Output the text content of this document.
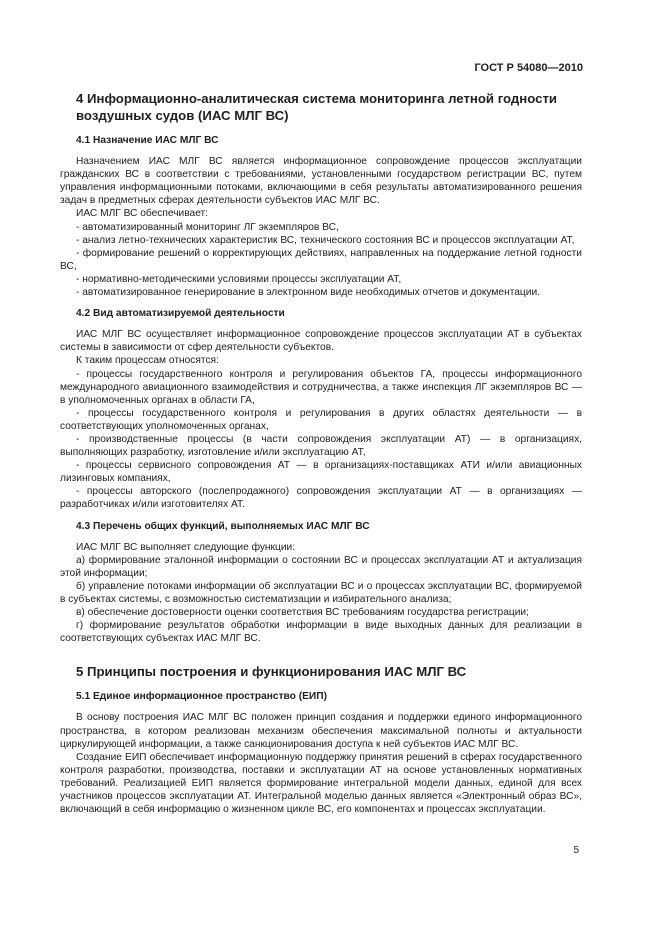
ГОСТ Р 54080—2010
4 Информационно-аналитическая система мониторинга летной годности воздушных судов (ИАС МЛГ ВС)
4.1 Назначение ИАС МЛГ ВС

Назначением ИАС МЛГ ВС является информационное сопровождение процессов эксплуатации гражданских ВС в соответствии с требованиями, установленными государством регистрации ВС, путем управления информационными потоками, включающими в себя результаты автоматизированного решения задач в предметных сферах деятельности субъектов ИАС МЛГ ВС.

ИАС МЛГ ВС обеспечивает:

- автоматизированный мониторинг ЛГ экземпляров ВС,

- анализ летно-технических характеристик ВС, технического состояния ВС и процессов эксплуатации АТ,

- формирование решений о корректирующих действиях, направленных на поддержание летной годности ВС,

- нормативно-методическими условиями процессы эксплуатации АТ,

- автоматизированное генерирование в электронном виде необходимых отчетов и документации.

4.2 Вид автоматизируемой деятельности

ИАС МЛГ ВС осуществляет информационное сопровождение процессов эксплуатации АТ в субъектах системы в зависимости от сфер деятельности субъектов.

К таким процессам относятся:

- процессы государственного контроля и регулирования объектов ГА, процессы информационного международного авиационного взаимодействия и сотрудничества, а также инспекция ЛГ экземпляров ВС — в уполномоченных органах в области ГА,

- процессы государственного контроля и регулирования в других областях деятельности — в соответствующих уполномоченных органах,

- производственные процессы (в части сопровождения эксплуатации АТ) — в организациях, выполняющих разработку, изготовление и/или эксплуатацию АТ,

- процессы сервисного сопровождения АТ — в организациях-поставщиках АТИ и/или авиационных лизинговых компаниях,

- процессы авторского (послепродажного) сопровождения эксплуатации АТ — в организациях — разработчиках и/или изготовителях АТ.

4.3 Перечень общих функций, выполняемых ИАС МЛГ ВС

ИАС МЛГ ВС выполняет следующие функции:

а) формирование эталонной информации о состоянии ВС и процессах эксплуатации АТ и актуализация этой информации;

б) управление потоками информации об эксплуатации ВС и о процессах эксплуатации ВС, формируемой в субъектах системы, с возможностью систематизации и избирательного анализа;

в) обеспечение достоверности оценки соответствия ВС требованиям государства регистрации;

г) формирование результатов обработки информации в виде выходных данных для реализации в соответствующих субъектах ИАС МЛГ ВС.

5 Принципы построения и функционирования ИАС МЛГ ВС
5.1 Единое информационное пространство (ЕИП)

В основу построения ИАС МЛГ ВС положен принцип создания и поддержки единого информационного пространства, в котором реализован механизм обеспечения максимальной полноты и актуальности циркулирующей информации, а также санкционирования доступа к ней субъектов ИАС МЛГ ВС.

Создание ЕИП обеспечивает информационную поддержку принятия решений в сферах государственного контроля разработки, производства, поставки и эксплуатации АТ на основе установленных нормативных требований. Реализацией ЕИП является формирование интегральной модели данных, единой для всех участников процессов эксплуатации АТ. Интегральной моделью данных является «Электронный образ ВС», включающий в себя информацию о жизненном цикле ВС, его компонентах и процессах эксплуатации.

5
